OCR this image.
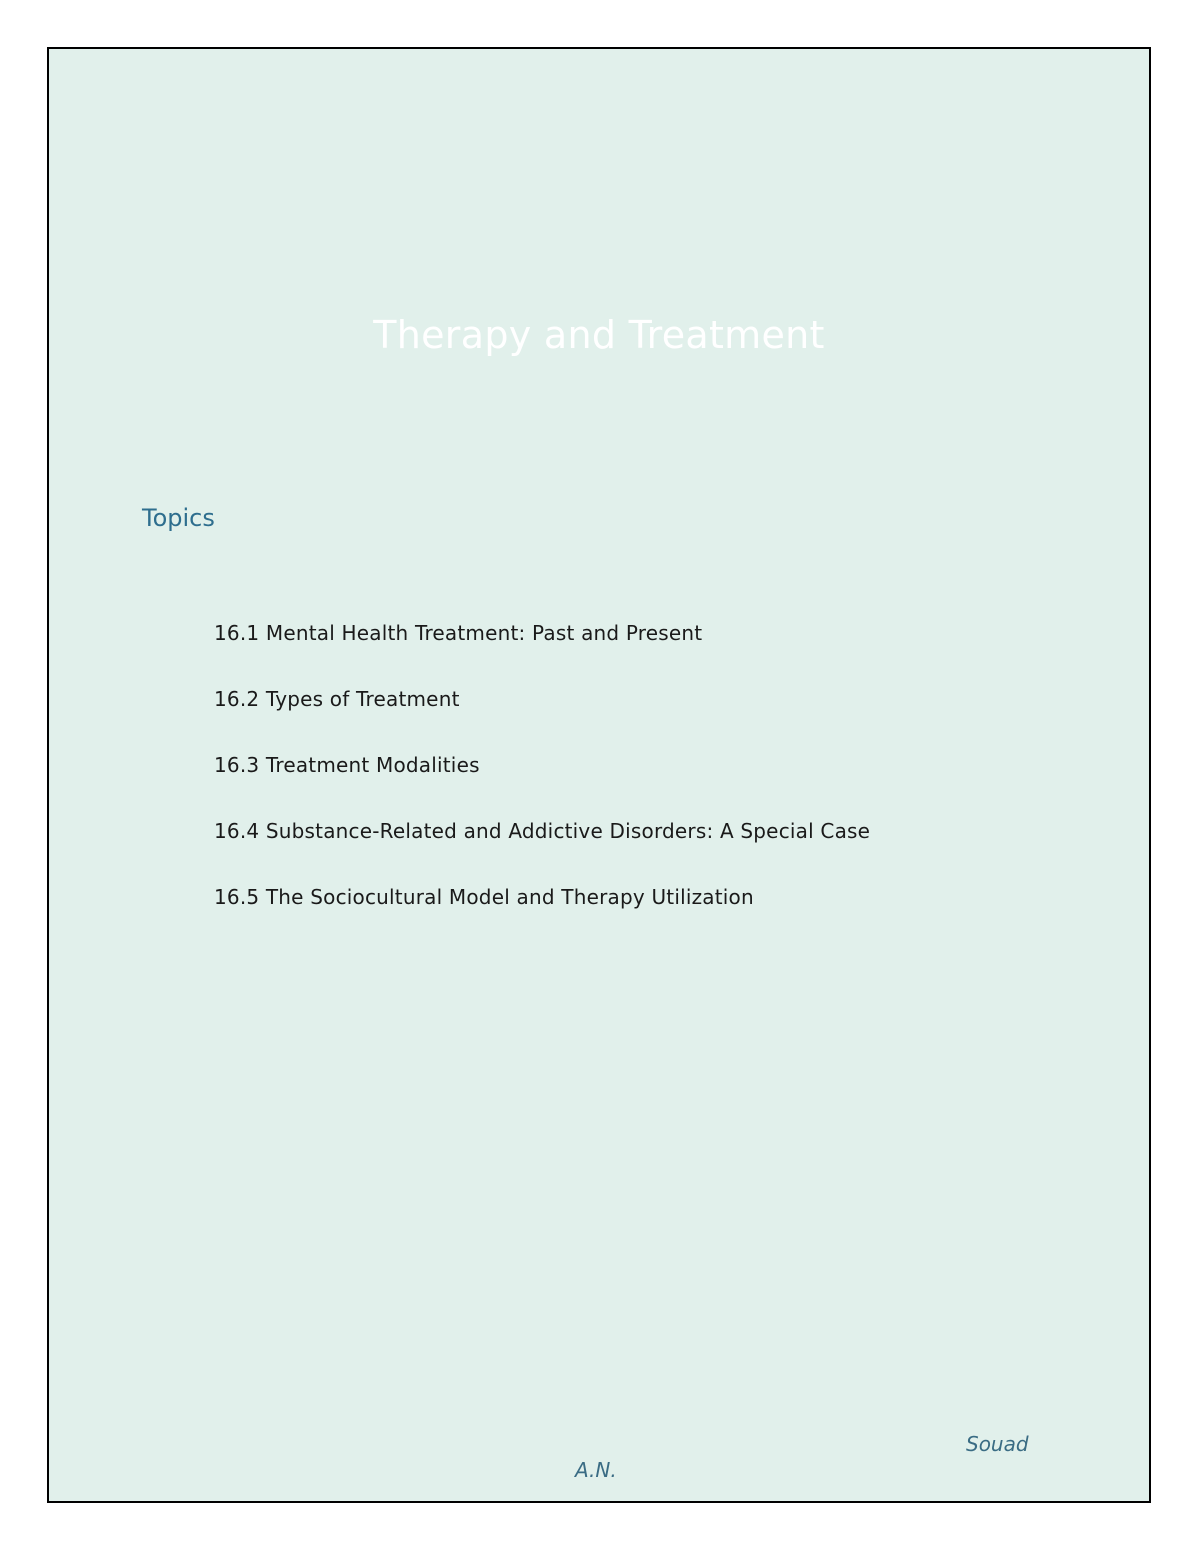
Therapy and Treatment
Topics
16.1 Mental Health Treatment: Past and Present
16.2 Types of Treatment
16.3 Treatment Modalities
16.4 Substance-Related and Addictive Disorders: A Special Case
16.5 The Sociocultural Model and Therapy Utilization
Souad
A.N.
